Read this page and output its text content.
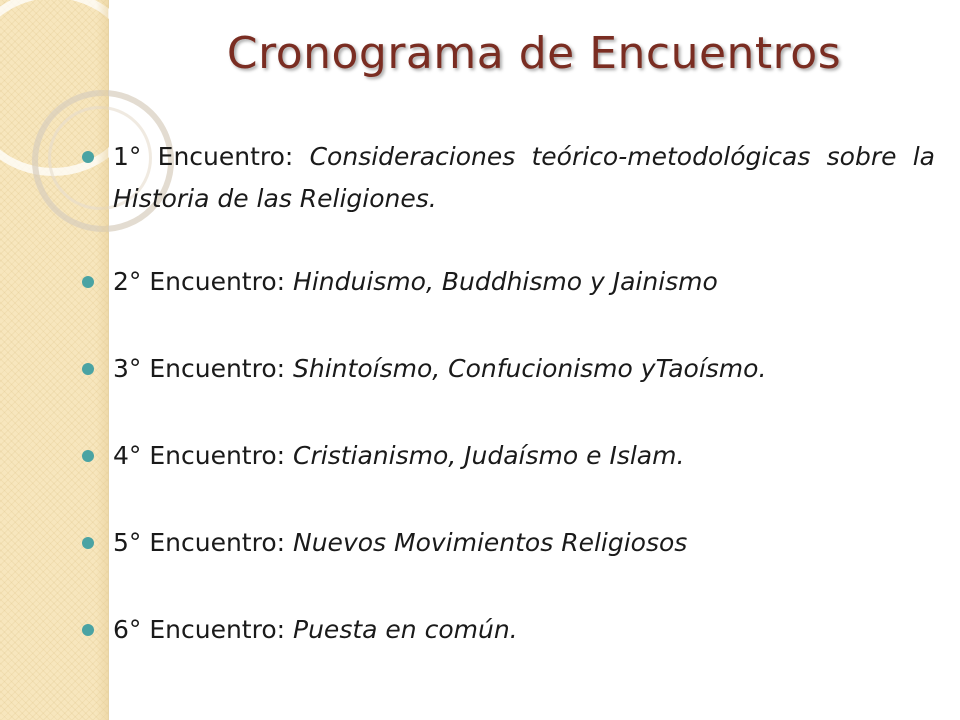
Cronograma de Encuentros
1° Encuentro: Consideraciones teórico-metodológicas sobre la Historia de las Religiones.
2° Encuentro: Hinduismo, Buddhismo y Jainismo
3° Encuentro: Shintoísmo, Confucionismo yTaoísmo.
4° Encuentro: Cristianismo, Judaísmo e Islam.
5° Encuentro: Nuevos Movimientos Religiosos
6° Encuentro: Puesta en común.
